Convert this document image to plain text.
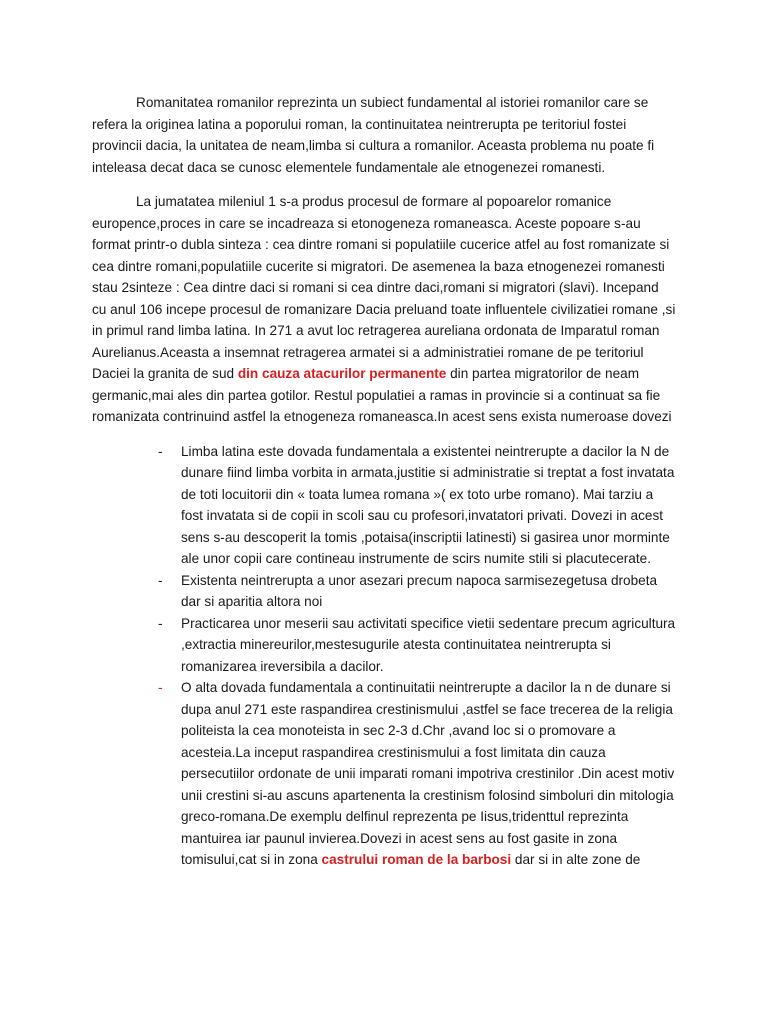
Romanitatea romanilor reprezinta un subiect fundamental al istoriei romanilor care se refera la originea latina a poporului roman, la continuitatea neintrerupta pe teritoriul fostei provincii dacia, la unitatea de neam,limba si cultura a romanilor. Aceasta problema nu poate fi inteleasa decat daca se cunosc elementele fundamentale ale etnogenezei romanesti.

La jumatatea mileniul 1 s-a produs procesul de formare al popoarelor romanice europence,proces in care se incadreaza si etonogeneza romaneasca. Aceste popoare s-au format printr-o dubla sinteza : cea dintre romani si populatiile cucerice atfel au fost romanizate si cea dintre romani,populatiile cucerite si migratori. De asemenea la baza etnogenezei romanesti stau 2sinteze : Cea dintre daci si romani si cea dintre daci,romani si migratori (slavi). Incepand cu anul 106 incepe procesul de romanizare Dacia preluand toate influentele civilizatiei romane ,si in primul rand limba latina. In 271 a avut loc retragerea aureliana ordonata de Imparatul roman Aurelianus.Aceasta a insemnat retragerea armatei si a administratiei romane de pe teritoriul Daciei la granita de sud din cauza atacurilor permanente din partea migratorilor de neam germanic,mai ales din partea gotilor. Restul populatiei a ramas in provincie si a continuat sa fie romanizata contrinuind astfel la etnogeneza romaneasca.In acest sens exista numeroase dovezi

- Limba latina este dovada fundamentala a existentei neintrerupte a dacilor la N de dunare fiind limba vorbita in armata,justitie si administratie si treptat a fost invatata de toti locuitorii din « toata lumea romana »( ex toto urbe romano). Mai tarziu a fost invatata si de copii in scoli sau cu profesori,invatatori privati. Dovezi in acest sens s-au descoperit la tomis ,potaisa(inscriptii latinesti) si gasirea unor morminte ale unor copii care contineau instrumente de scirs numite stili si placutecerate.
- Existenta neintrerupta a unor asezari precum napoca sarmisezegetusa drobeta dar si aparitia altora noi
- Practicarea unor meserii sau activitati specifice vietii sedentare precum agricultura ,extractia minereurilor,mestesugurile atesta continuitatea neintrerupta si romanizarea ireversibila a dacilor.
- O alta dovada fundamentala a continuitatii neintrerupte a dacilor la n de dunare si dupa anul 271 este raspandirea crestinismului ,astfel se face trecerea de la religia politeista la cea monoteista in sec 2-3 d.Chr ,avand loc si o promovare a acesteia.La inceput raspandirea crestinismului a fost limitata din cauza persecutiilor ordonate de unii imparati romani impotriva crestinilor .Din acest motiv unii crestini si-au ascuns apartenenta la crestinism folosind simboluri din mitologia greco-romana.De exemplu delfinul reprezenta pe Iisus,tridenttul reprezinta mantuirea iar paunul invierea.Dovezi in acest sens au fost gasite in zona tomisului,cat si in zona castrului roman de la barbosi dar si in alte zone de
